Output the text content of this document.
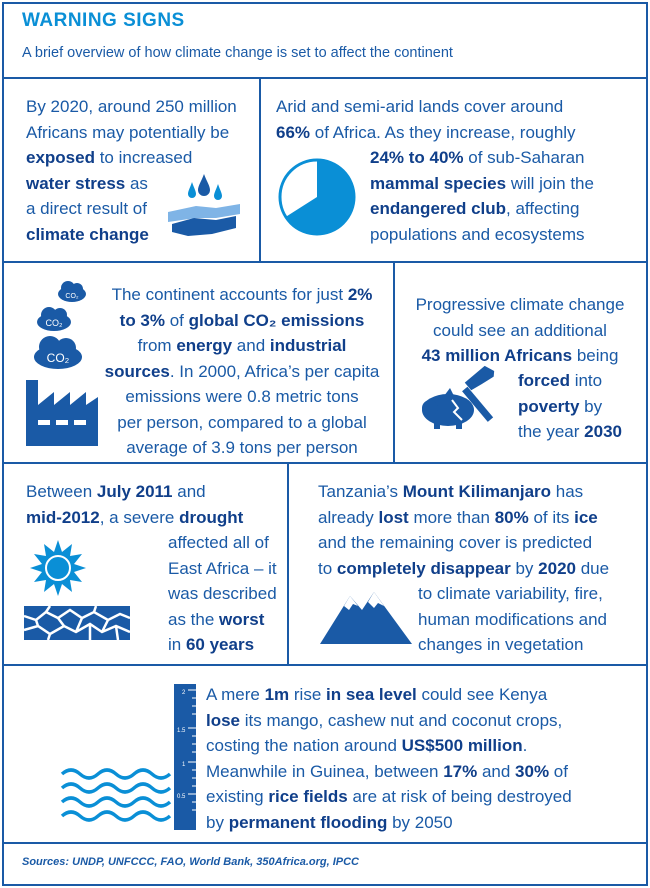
WARNING SIGNS
A brief overview of how climate change is set to affect the continent
By 2020, around 250 million
Africans may potentially be
exposed to increased
water stress as
a direct result of
climate change
Arid and semi-arid lands cover around
66% of Africa. As they increase, roughly
24% to 40% of sub-Saharan
mammal species will join the
endangered club, affecting
populations and ecosystems
CO₂
CO₂
CO₂
The continent accounts for just 2%
to 3% of global CO₂ emissions
from energy and industrial
sources. In 2000, Africa’s per capita
emissions were 0.8 metric tons
per person, compared to a global
average of 3.9 tons per person
Progressive climate change
could see an additional
43 million Africans being
forced into
poverty by
the year 2030
Between July 2011 and
mid-2012, a severe drought
affected all of
East Africa – it
was described
as the worst
in 60 years
Tanzania’s Mount Kilimanjaro has
already lost more than 80% of its ice
and the remaining cover is predicted
to completely disappear by 2020 due
to climate variability, fire,
human modifications and
changes in vegetation
2
1.5
1
0.5
A mere 1m rise in sea level could see Kenya
lose its mango, cashew nut and coconut crops,
costing the nation around US$500 million.
Meanwhile in Guinea, between 17% and 30% of
existing rice fields are at risk of being destroyed
by permanent flooding by 2050
Sources: UNDP, UNFCCC, FAO, World Bank, 350Africa.org, IPCC
